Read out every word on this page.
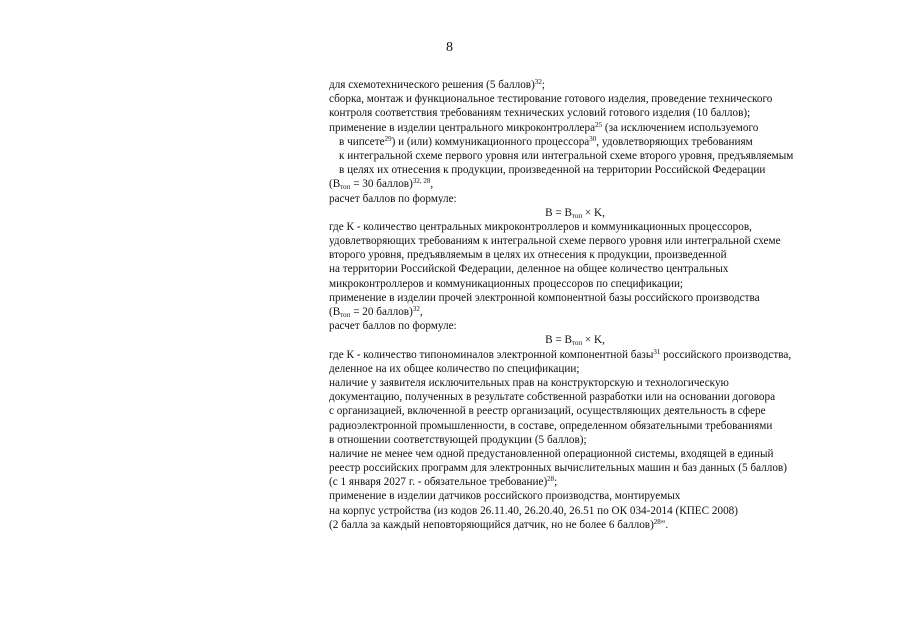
8
для схемотехнического решения (5 баллов)$^{32}$;
сборка, монтаж и функциональное тестирование готового изделия, проведение технического
контроля соответствия требованиям технических условий готового изделия (10 баллов);
применение в изделии центрального микроконтроллера$^{25}$ (за исключением используемого
в чипсете$^{29}$) и (или) коммуникационного процессора$^{30}$, удовлетворяющих требованиям
к интегральной схеме первого уровня или интегральной схеме второго уровня, предъявляемым
в целях их отнесения к продукции, произведенной на территории Российской Федерации
($В_{топ} = 30$ баллов)$^{32, 28}$,
расчет баллов по формуле:
$В = В_{топ} \times K$,
где К - количество центральных микроконтроллеров и коммуникационных процессоров,
удовлетворяющих требованиям к интегральной схеме первого уровня или интегральной схеме
второго уровня, предъявляемым в целях их отнесения к продукции, произведенной
на территории Российской Федерации, деленное на общее количество центральных
микроконтроллеров и коммуникационных процессоров по спецификации;
применение в изделии прочей электронной компонентной базы российского производства
($В_{топ} = 20$ баллов)$^{32}$,
расчет баллов по формуле:
$В = В_{топ} \times K$,
где К - количество типономиналов электронной компонентной базы$^{31}$ российского производства,
деленное на их общее количество по спецификации;
наличие у заявителя исключительных прав на конструкторскую и технологическую
документацию, полученных в результате собственной разработки или на основании договора
с организацией, включенной в реестр организаций, осуществляющих деятельность в сфере
радиоэлектронной промышленности, в составе, определенном обязательными требованиями
в отношении соответствующей продукции (5 баллов);
наличие не менее чем одной предустановленной операционной системы, входящей в единый
реестр российских программ для электронных вычислительных машин и баз данных (5 баллов)
(с 1 января 2027 г. - обязательное требование)$^{28}$;
применение в изделии датчиков российского производства, монтируемых
на корпус устройства (из кодов 26.11.40, 26.20.40, 26.51 по ОК 034-2014 (КПЕС 2008)
(2 балла за каждый неповторяющийся датчик, но не более 6 баллов)$^{28}$".
